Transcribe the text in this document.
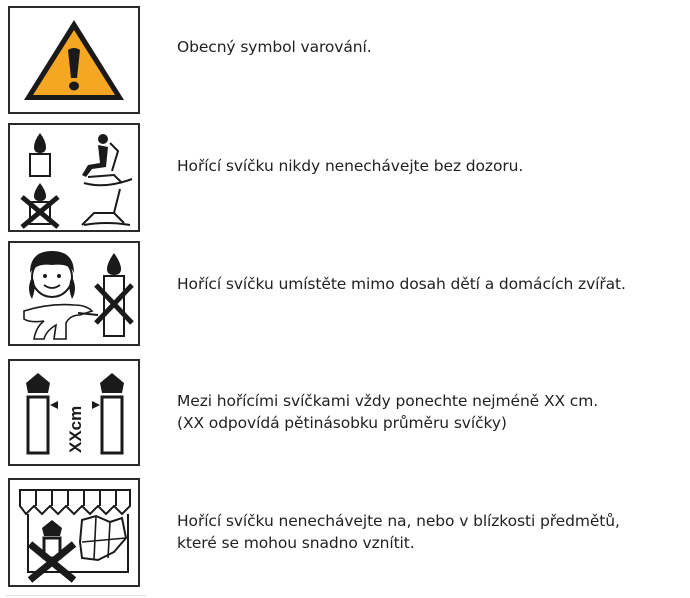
Obecný symbol varování.
Hořící svíčku nikdy nenechávejte bez dozoru.
Hořící svíčku umístěte mimo dosah dětí a domácích zvířat.
XXcm
Mezi hořícími svíčkami vždy ponechte nejméně XX cm.
(XX odpovídá pětinásobku průměru svíčky)
Hořící svíčku nenechávejte na, nebo v blízkosti předmětů,
které se mohou snadno vznítit.
